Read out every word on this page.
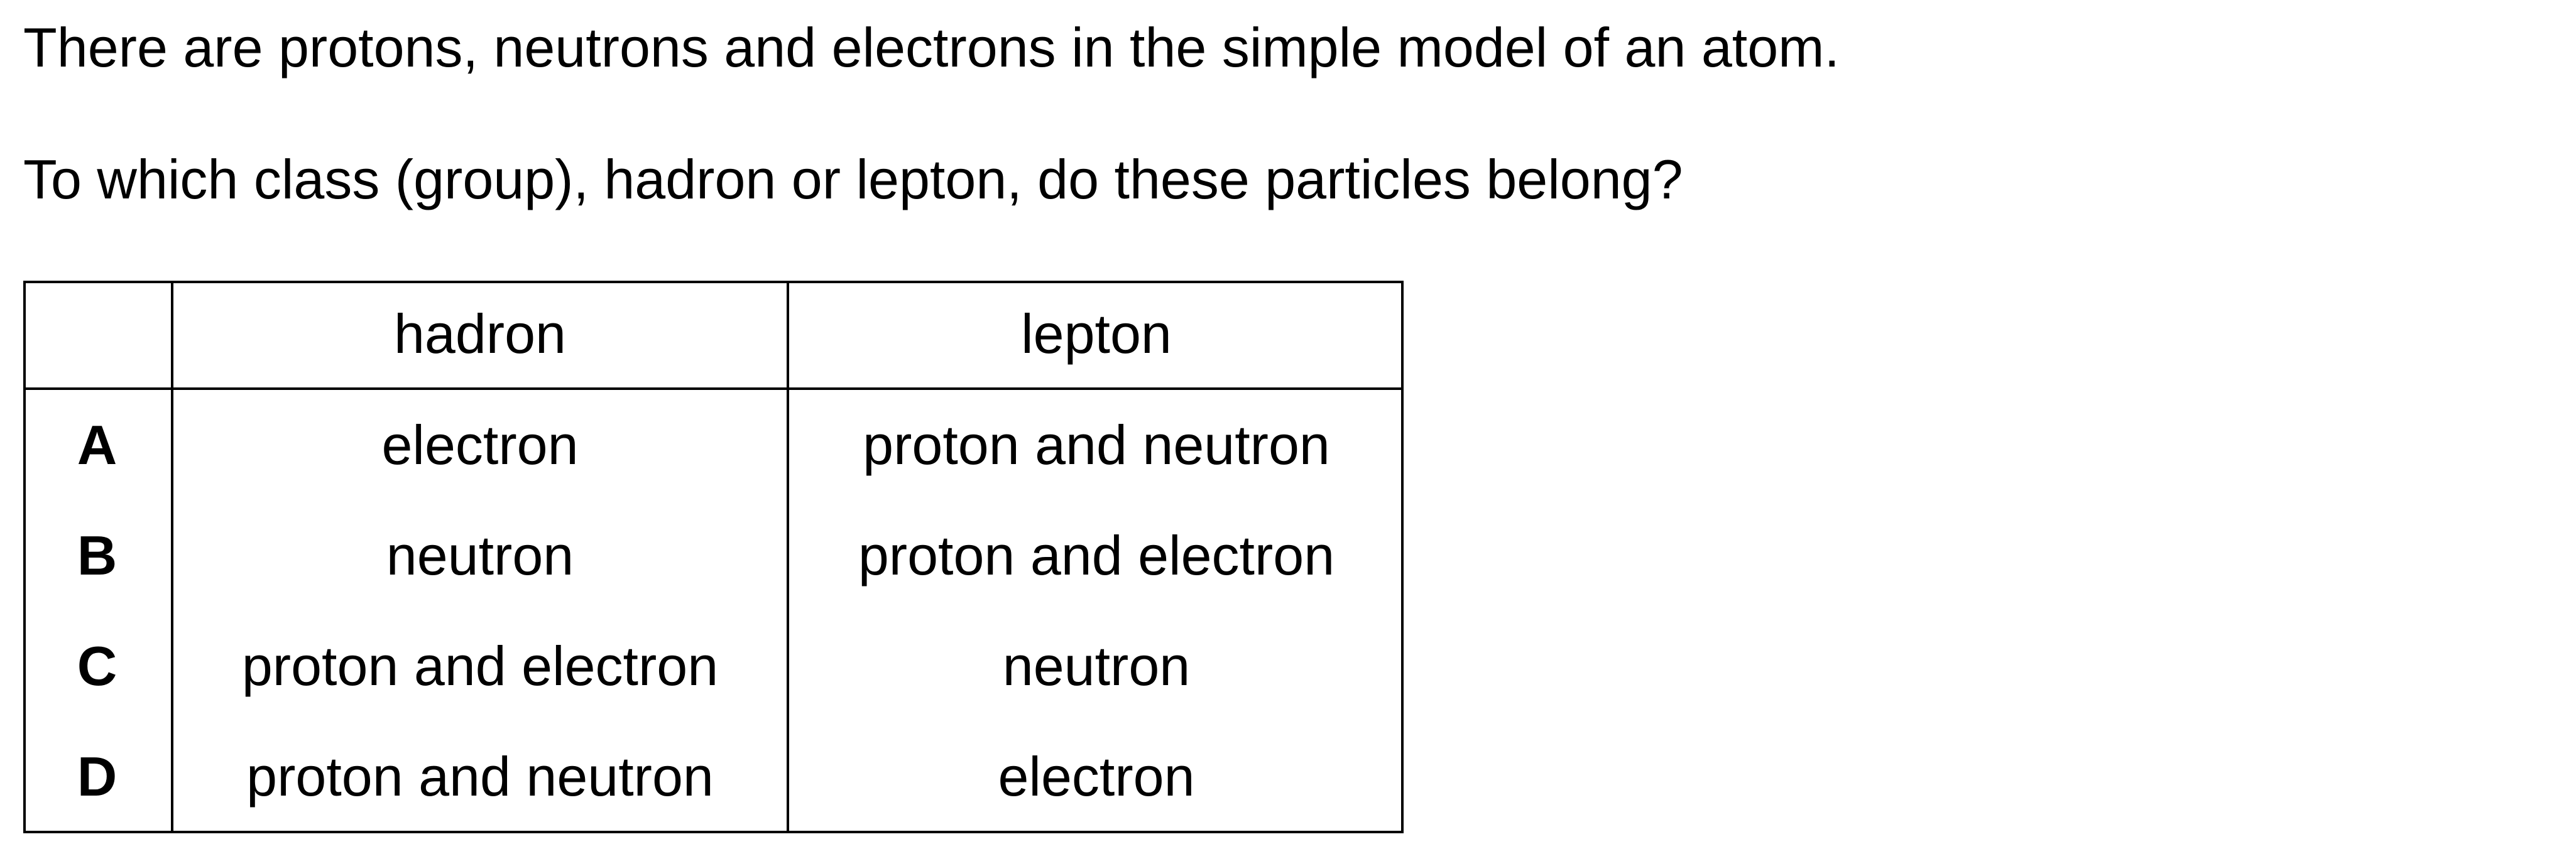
There are protons, neutrons and electrons in the simple model of an atom.

To which class (group), hadron or lepton, do these particles belong?

	hadron	lepton
A	electron	proton and neutron
B	neutron	proton and electron
C	proton and electron	neutron
D	proton and neutron	electron
